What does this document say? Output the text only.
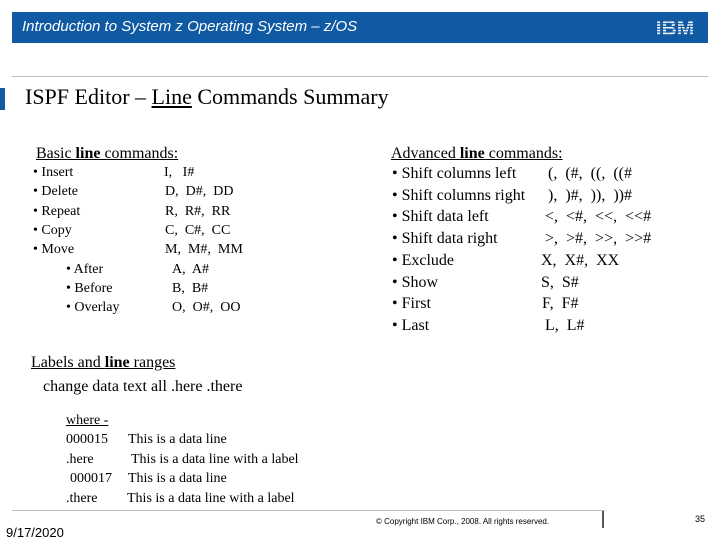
Introduction to System z Operating System – z/OS	IBM
ISPF Editor – Line Commands Summary
Basic line commands:
• Insert	I,   I#
• Delete	D,  D#,  DD
• Repeat	R,  R#,  RR
• Copy	C,  C#,  CC
• Move	M,  M#,  MM
• After	A,  A#
• Before	B,  B#
• Overlay	O,  O#,  OO
Advanced line commands:
• Shift columns left (,  (#,  ((,  ((#
• Shift columns right ),  )#,  )),  ))#
• Shift data left	<,  <#,  <<,  <<#
• Shift data right	>,  >#,  >>,  >>#
• Exclude	X,  X#,  XX
• Show	S,  S#
• First	F,  F#
• Last	L,  L#
Labels and line ranges
change data text all .here .there
where -
000015 This is a data line
.here	This is a data line with a label
000017 This is a data line
.there This is a data line with a label
9/17/2020
© Copyright IBM Corp., 2008. All rights reserved.	35
